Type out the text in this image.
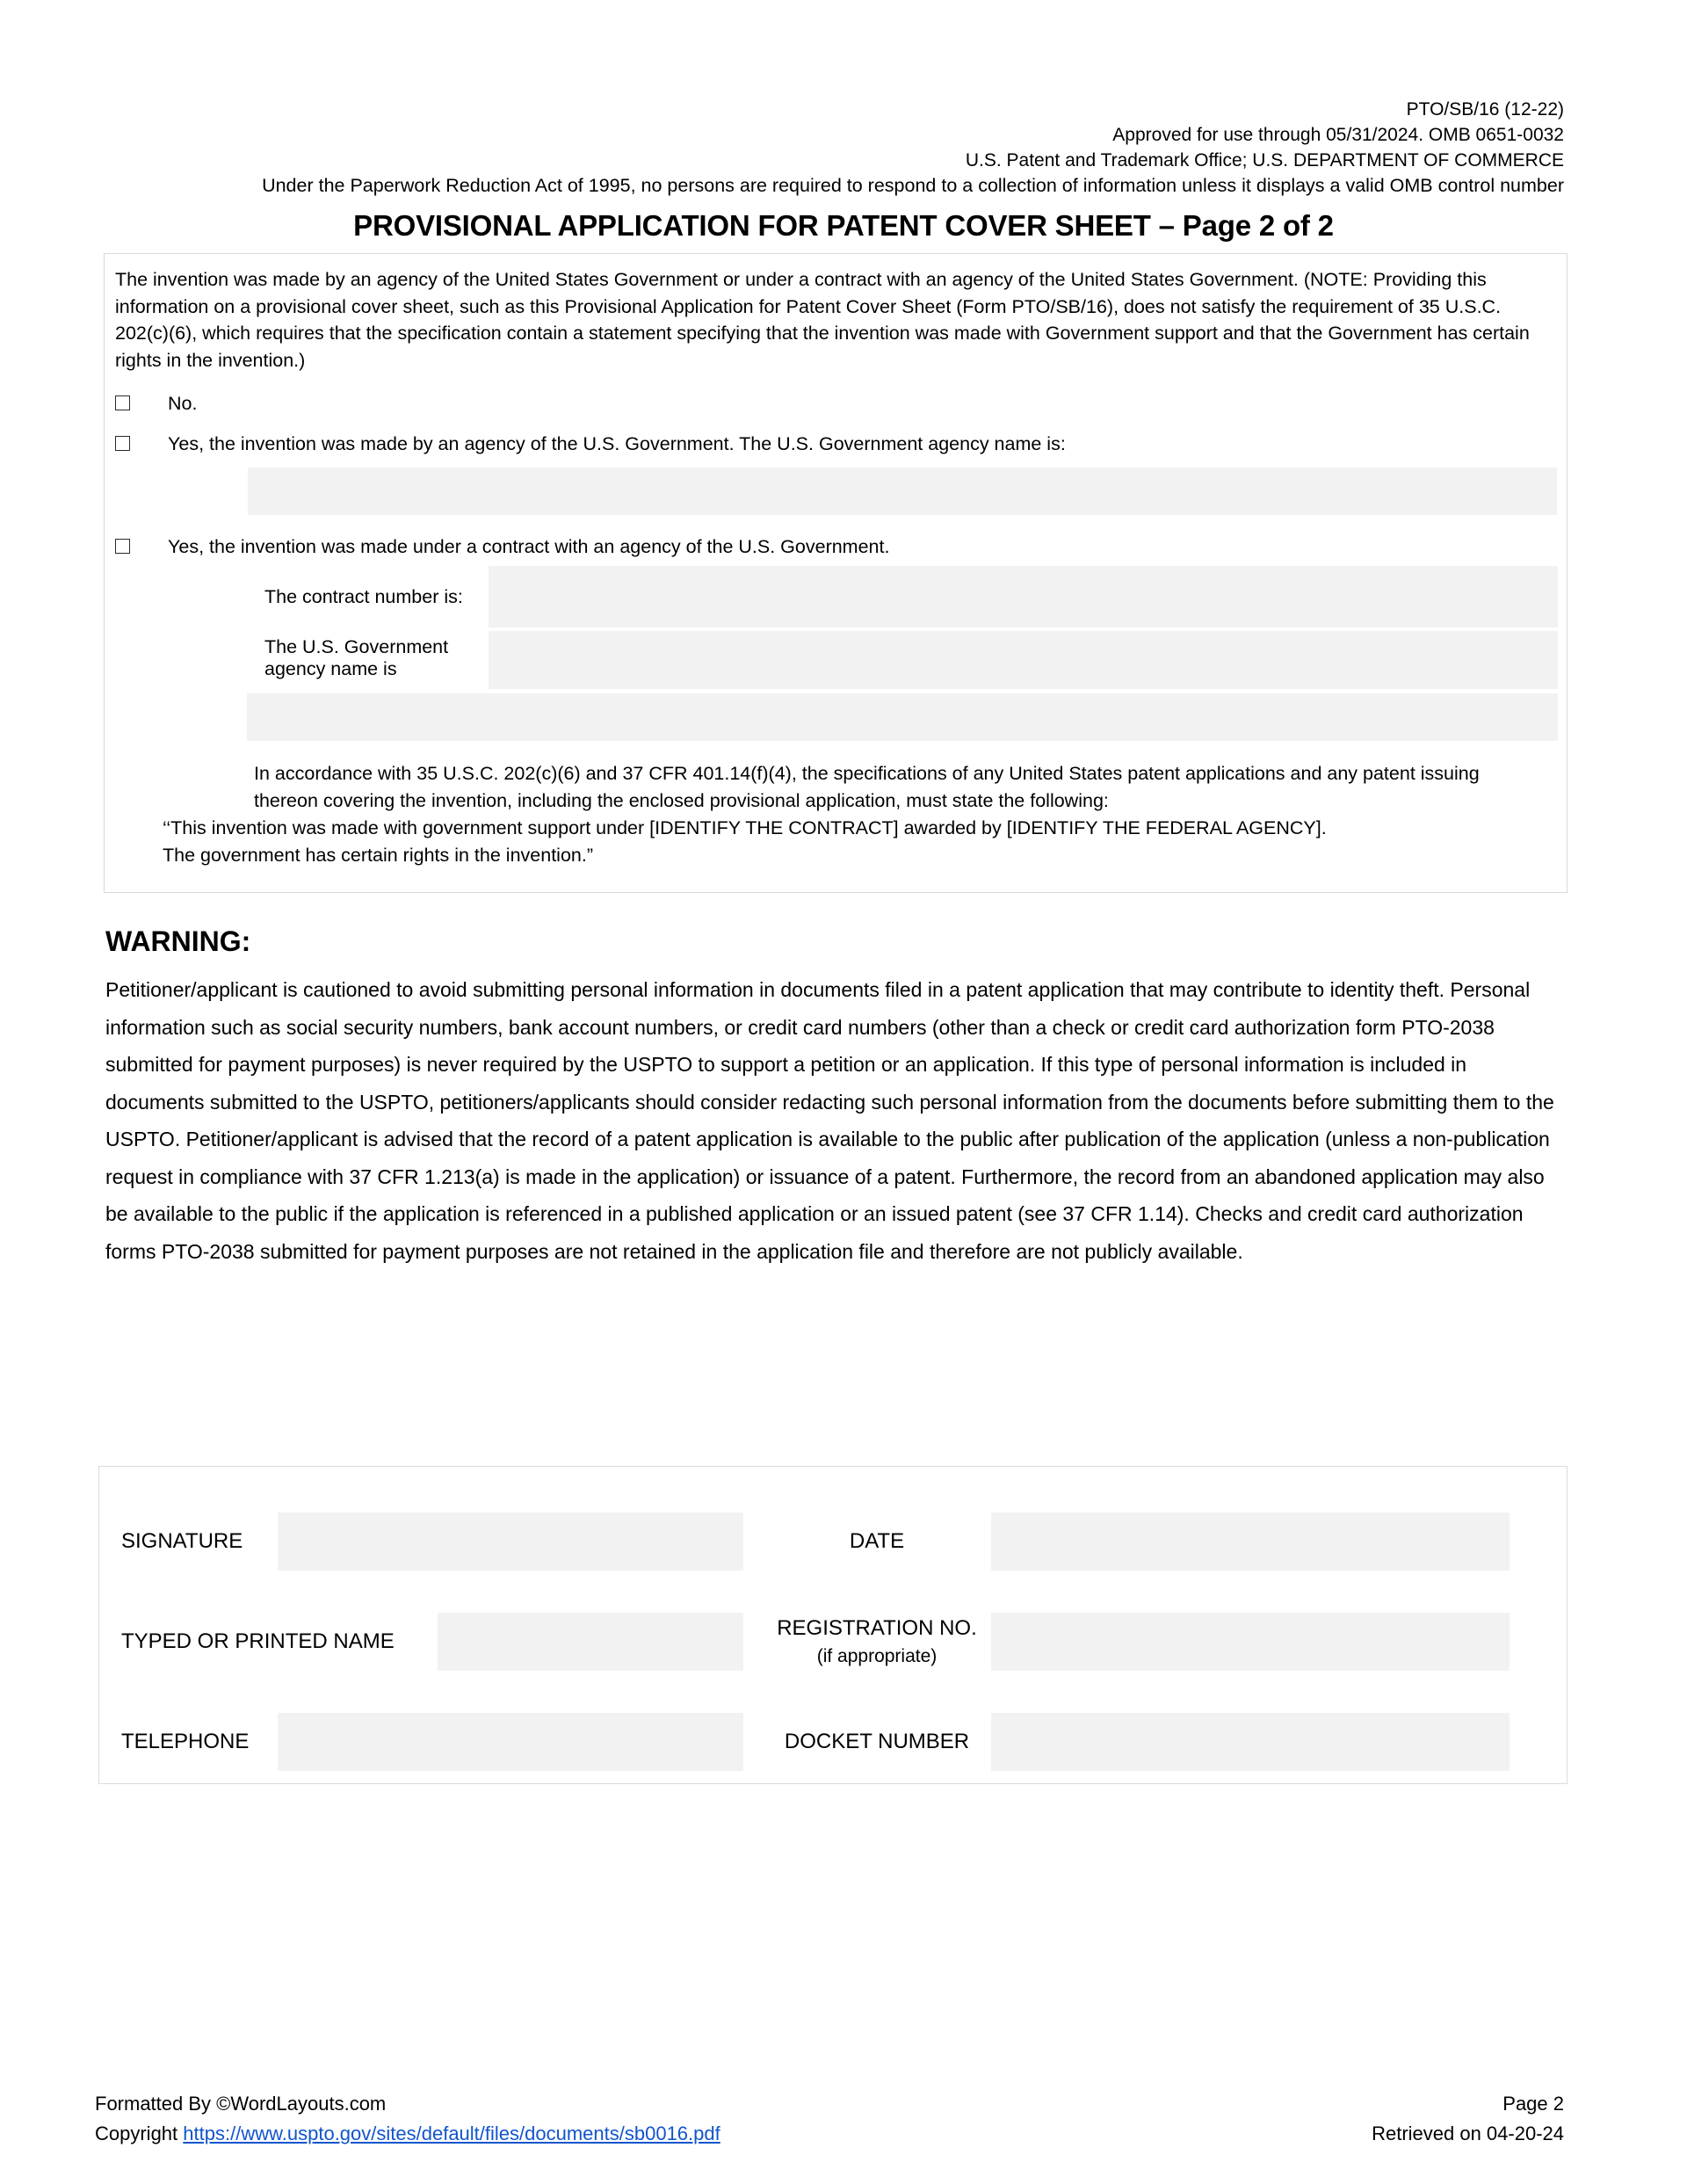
PTO/SB/16 (12-22)
Approved for use through 05/31/2024. OMB 0651-0032
U.S. Patent and Trademark Office; U.S. DEPARTMENT OF COMMERCE
Under the Paperwork Reduction Act of 1995, no persons are required to respond to a collection of information unless it displays a valid OMB control number
PROVISIONAL APPLICATION FOR PATENT COVER SHEET – Page 2 of 2

The invention was made by an agency of the United States Government or under a contract with an agency of the United States Government. (NOTE: Providing this information on a provisional cover sheet, such as this Provisional Application for Patent Cover Sheet (Form PTO/SB/16), does not satisfy the requirement of 35 U.S.C. 202(c)(6), which requires that the specification contain a statement specifying that the invention was made with Government support and that the Government has certain rights in the invention.)

No.
Yes, the invention was made by an agency of the U.S. Government. The U.S. Government agency name is:
Yes, the invention was made under a contract with an agency of the U.S. Government.
The contract number is:
The U.S. Government agency name is

In accordance with 35 U.S.C. 202(c)(6) and 37 CFR 401.14(f)(4), the specifications of any United States patent applications and any patent issuing thereon covering the invention, including the enclosed provisional application, must state the following:

‘‘This invention was made with government support under [IDENTIFY THE CONTRACT] awarded by [IDENTIFY THE FEDERAL AGENCY].

The government has certain rights in the invention.”

WARNING:
Petitioner/applicant is cautioned to avoid submitting personal information in documents filed in a patent application that may contribute to identity theft. Personal information such as social security numbers, bank account numbers, or credit card numbers (other than a check or credit card authorization form PTO-2038 submitted for payment purposes) is never required by the USPTO to support a petition or an application. If this type of personal information is included in documents submitted to the USPTO, petitioners/applicants should consider redacting such personal information from the documents before submitting them to the USPTO. Petitioner/applicant is advised that the record of a patent application is available to the public after publication of the application (unless a non-publication request in compliance with 37 CFR 1.213(a) is made in the application) or issuance of a patent. Furthermore, the record from an abandoned application may also be available to the public if the application is referenced in a published application or an issued patent (see 37 CFR 1.14). Checks and credit card authorization forms PTO-2038 submitted for payment purposes are not retained in the application file and therefore are not publicly available.
SIGNATURE	DATE
TYPED OR PRINTED NAME
REGISTRATION NO.
(if appropriate)
TELEPHONE	DOCKET NUMBER
Formatted By ©WordLayouts.com
Copyright https://www.uspto.gov/sites/default/files/documents/sb0016.pdf
Page 2
Retrieved on 04-20-24
